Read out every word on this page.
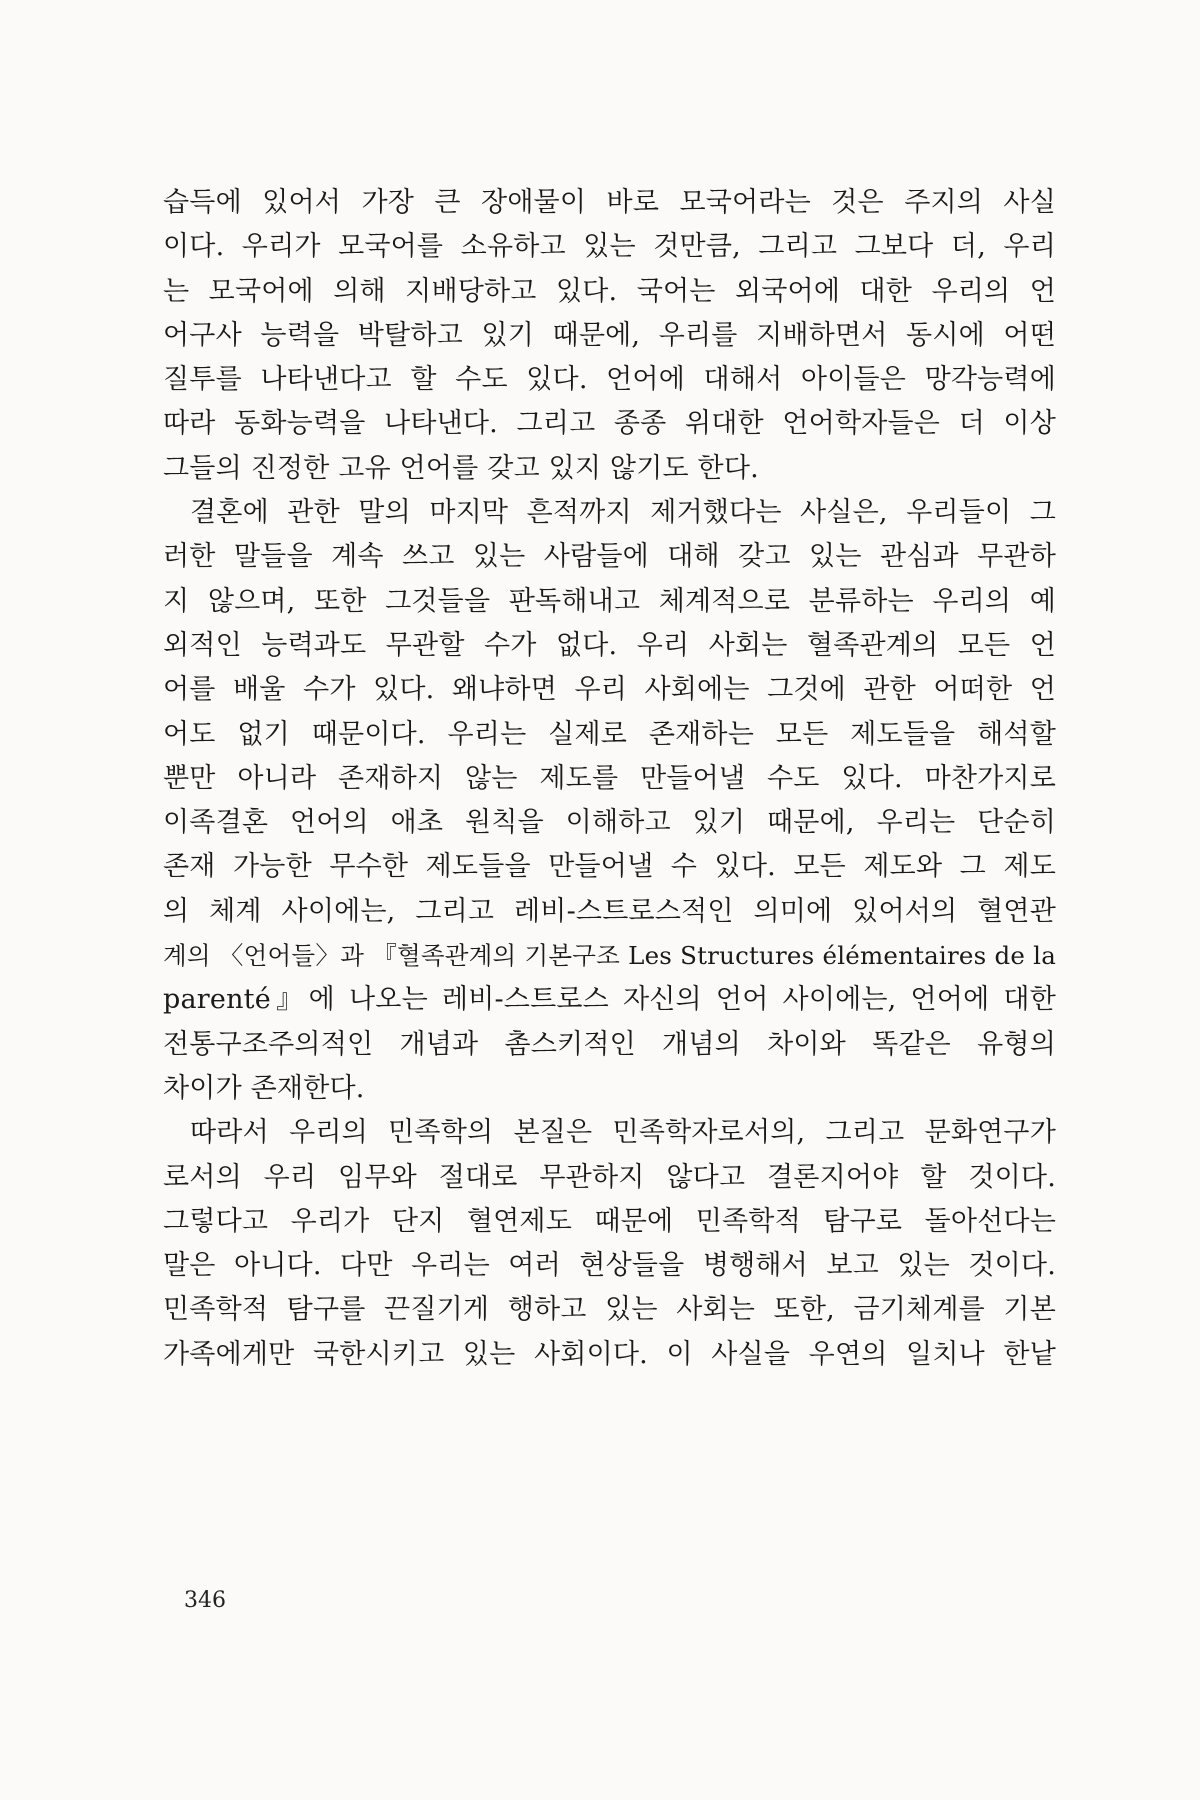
습득에 있어서 가장 큰 장애물이 바로 모국어라는 것은 주지의 사실
이다. 우리가 모국어를 소유하고 있는 것만큼, 그리고 그보다 더, 우리
는 모국어에 의해 지배당하고 있다. 국어는 외국어에 대한 우리의 언
어구사 능력을 박탈하고 있기 때문에, 우리를 지배하면서 동시에 어떤
질투를 나타낸다고 할 수도 있다. 언어에 대해서 아이들은 망각능력에
따라 동화능력을 나타낸다. 그리고 종종 위대한 언어학자들은 더 이상
그들의 진정한 고유 언어를 갖고 있지 않기도 한다.
결혼에 관한 말의 마지막 흔적까지 제거했다는 사실은, 우리들이 그
러한 말들을 계속 쓰고 있는 사람들에 대해 갖고 있는 관심과 무관하
지 않으며, 또한 그것들을 판독해내고 체계적으로 분류하는 우리의 예
외적인 능력과도 무관할 수가 없다. 우리 사회는 혈족관계의 모든 언
어를 배울 수가 있다. 왜냐하면 우리 사회에는 그것에 관한 어떠한 언
어도 없기 때문이다. 우리는 실제로 존재하는 모든 제도들을 해석할
뿐만 아니라 존재하지 않는 제도를 만들어낼 수도 있다. 마찬가지로
이족결혼 언어의 애초 원칙을 이해하고 있기 때문에, 우리는 단순히
존재 가능한 무수한 제도들을 만들어낼 수 있다. 모든 제도와 그 제도
의 체계 사이에는, 그리고 레비-스트로스적인 의미에 있어서의 혈연관
계의 〈언어들〉과 『혈족관계의 기본구조 Les Structures élémentaires de la
parenté』에 나오는 레비-스트로스 자신의 언어 사이에는, 언어에 대한
전통구조주의적인 개념과 촘스키적인 개념의 차이와 똑같은 유형의
차이가 존재한다.
따라서 우리의 민족학의 본질은 민족학자로서의, 그리고 문화연구가
로서의 우리 임무와 절대로 무관하지 않다고 결론지어야 할 것이다.
그렇다고 우리가 단지 혈연제도 때문에 민족학적 탐구로 돌아선다는
말은 아니다. 다만 우리는 여러 현상들을 병행해서 보고 있는 것이다.
민족학적 탐구를 끈질기게 행하고 있는 사회는 또한, 금기체계를 기본
가족에게만 국한시키고 있는 사회이다. 이 사실을 우연의 일치나 한낱
346
